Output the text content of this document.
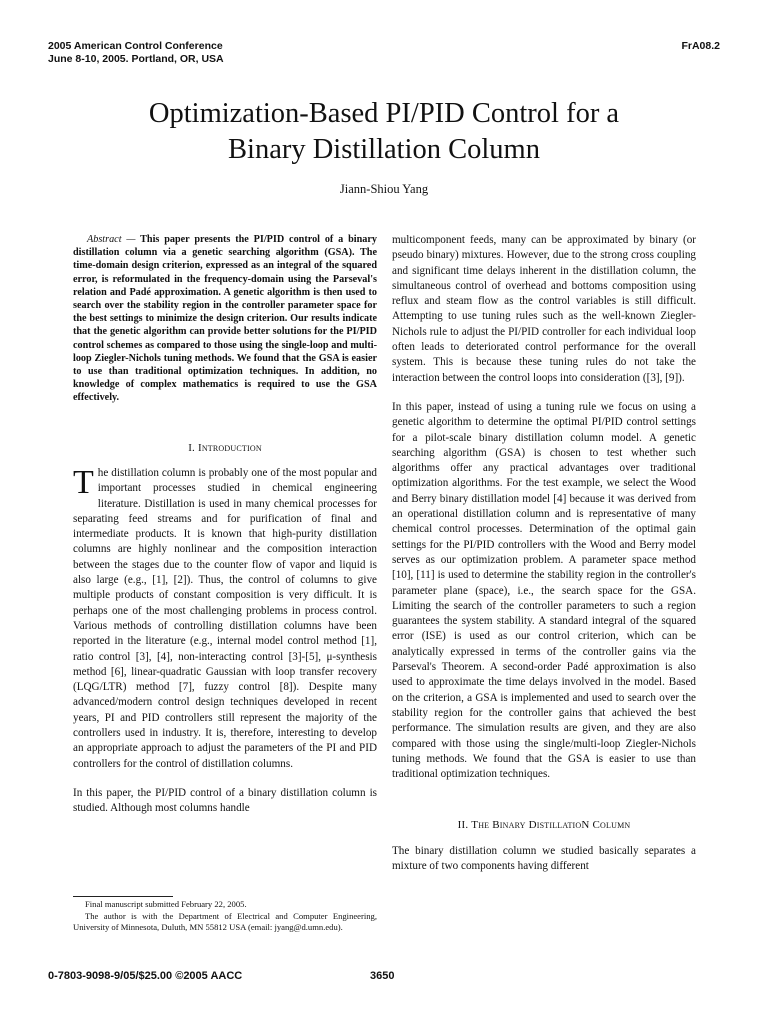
2005 American Control Conference
June 8-10, 2005. Portland, OR, USA
FrA08.2
Optimization-Based PI/PID Control for a
Binary Distillation Column
Jiann-Shiou Yang

Abstract — This paper presents the PI/PID control of a binary distillation column via a genetic searching algorithm (GSA). The time-domain design criterion, expressed as an integral of the squared error, is reformulated in the frequency-domain using the Parseval's relation and Padé approximation. A genetic algorithm is then used to search over the stability region in the controller parameter space for the best settings to minimize the design criterion. Our results indicate that the genetic algorithm can provide better solutions for the PI/PID control schemes as compared to those using the single-loop and multi-loop Ziegler-Nichols tuning methods. We found that the GSA is easier to use than traditional optimization techniques. In addition, no knowledge of complex mathematics is required to use the GSA effectively.

I. Introduction

The distillation column is probably one of the most popular and important processes studied in chemical engineering literature. Distillation is used in many chemical processes for separating feed streams and for purification of final and intermediate products. It is known that high-purity distillation columns are highly nonlinear and the composition interaction between the stages due to the counter flow of vapor and liquid is also large (e.g., [1], [2]). Thus, the control of columns to give multiple products of constant composition is very difficult. It is perhaps one of the most challenging problems in process control. Various methods of controlling distillation columns have been reported in the literature (e.g., internal model control method [1], ratio control [3], [4], non-interacting control [3]-[5], μ-synthesis method [6], linear-quadratic Gaussian with loop transfer recovery (LQG/LTR) method [7], fuzzy control [8]). Despite many advanced/modern control design techniques developed in recent years, PI and PID controllers still represent the majority of the controllers used in industry. It is, therefore, interesting to develop an appropriate approach to adjust the parameters of the PI and PID controllers for the control of distillation columns.

In this paper, the PI/PID control of a binary distillation column is studied. Although most columns handle

multicomponent feeds, many can be approximated by binary (or pseudo binary) mixtures. However, due to the strong cross coupling and significant time delays inherent in the distillation column, the simultaneous control of overhead and bottoms composition using reflux and steam flow as the control variables is still difficult. Attempting to use tuning rules such as the well-known Ziegler-Nichols rule to adjust the PI/PID controller for each individual loop often leads to deteriorated control performance for the overall system. This is because these tuning rules do not take the interaction between the control loops into consideration ([3], [9]).

In this paper, instead of using a tuning rule we focus on using a genetic algorithm to determine the optimal PI/PID control settings for a pilot-scale binary distillation column model. A genetic searching algorithm (GSA) is chosen to test whether such algorithms offer any practical advantages over traditional optimization algorithms. For the test example, we select the Wood and Berry binary distillation model [4] because it was derived from an operational distillation column and is representative of many chemical control processes. Determination of the optimal gain settings for the PI/PID controllers with the Wood and Berry model serves as our optimization problem. A parameter space method [10], [11] is used to determine the stability region in the controller's parameter plane (space), i.e., the search space for the GSA. Limiting the search of the controller parameters to such a region guarantees the system stability. A standard integral of the squared error (ISE) is used as our control criterion, which can be analytically expressed in terms of the controller gains via the Parseval's Theorem. A second-order Padé approximation is also used to approximate the time delays involved in the model. Based on the criterion, a GSA is implemented and used to search over the stability region for the controller gains that achieved the best performance. The simulation results are given, and they are also compared with those using the single/multi-loop Ziegler-Nichols tuning methods. We found that the GSA is easier to use than traditional optimization techniques.

II. The Binary DistillatioN Column

The binary distillation column we studied basically separates a mixture of two components having different

Final manuscript submitted February 22, 2005.

The author is with the Department of Electrical and Computer Engineering, University of Minnesota, Duluth, MN 55812 USA (email: jyang@d.umn.edu).

0-7803-9098-9/05/$25.00 ©2005 AACC	3650
